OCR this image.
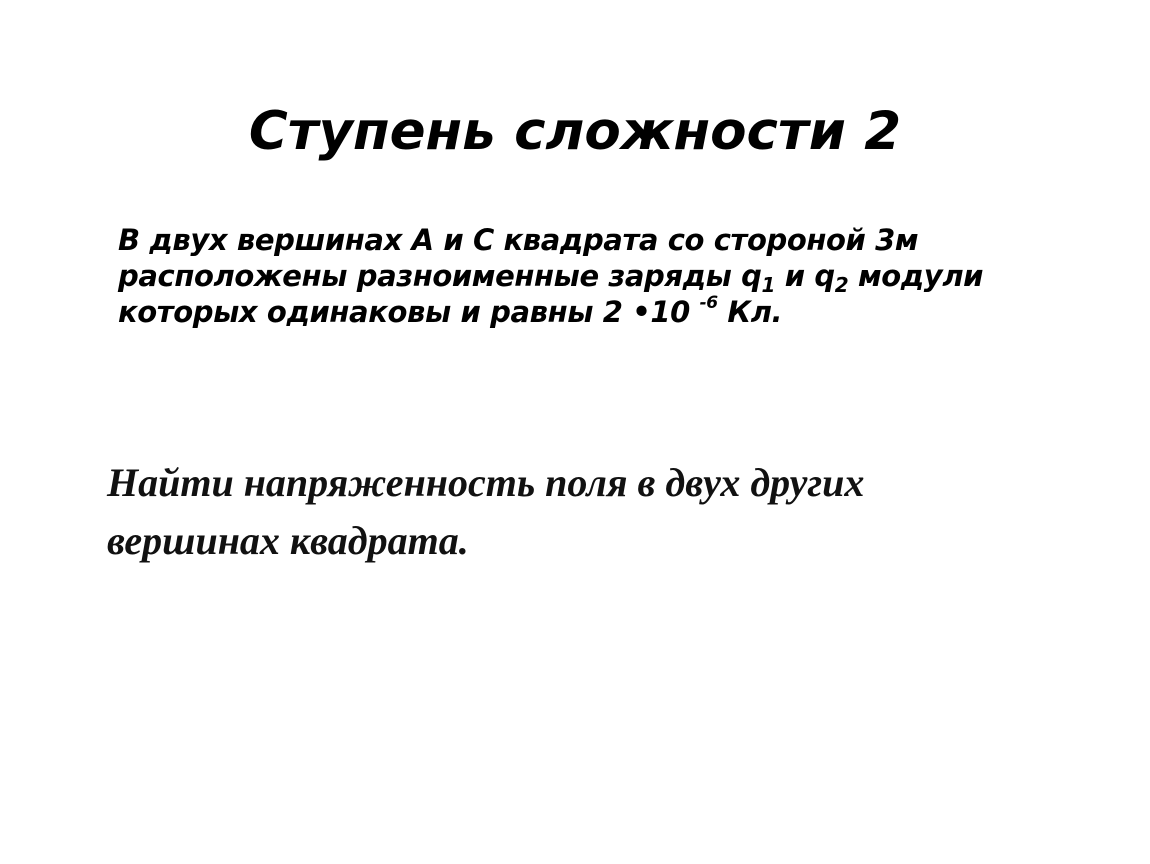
Ступень сложности 2
В двух вершинах А и С квадрата со стороной 3м
расположены разноименные заряды $q_1$ и $q_2$ модули
которых одинаковы и равны 2 •10 $^{-6}$ Кл.
Найти напряженность поля в двух других
вершинах квадрата.
